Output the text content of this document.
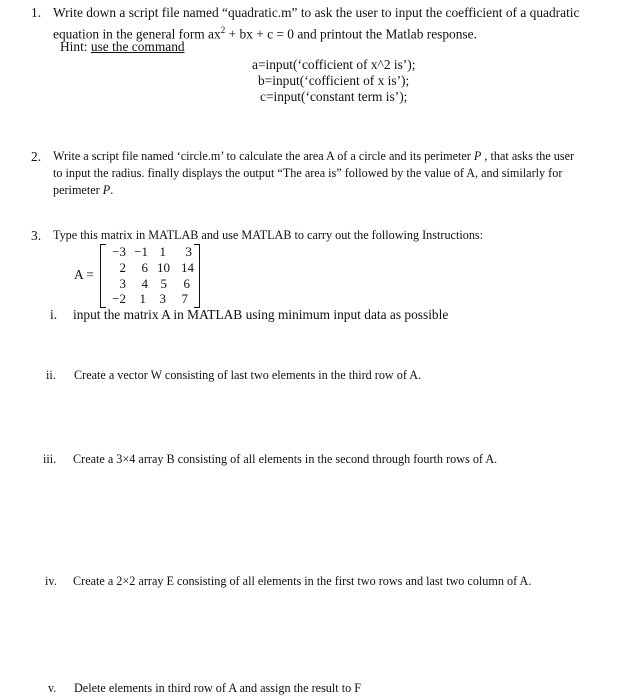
1. Write down a script file named “quadratic.m” to ask the user to input the coefficient of a quadratic
equation in the general form $ax^2$ + bx + c = 0 and printout the Matlab response.
Hint: use the command
a=input(‘cofficient of x^2 is’);
b=input(‘cofficient of x is’);
c=input(‘constant term is’);
2. Write a script file named ‘circle.m’ to calculate the area A of a circle and its perimeter P , that asks the user
to input the radius. finally displays the output “The area is” followed by the value of A, and similarly for
perimeter P.
3. Type this matrix in MATLAB and use MATLAB to carry out the following Instructions:
A =
−3 −1 1	3
2	6 10 14
3	4 5	6
−2	1	3	7
i. input the matrix A in MATLAB using minimum input data as possible
ii. Create a vector W consisting of last two elements in the third row of A.
iii. Create a 3×4 array B consisting of all elements in the second through fourth rows of A.
iv. Create a 2×2 array E consisting of all elements in the first two rows and last two column of A.
v. Delete elements in third row of A and assign the result to F
